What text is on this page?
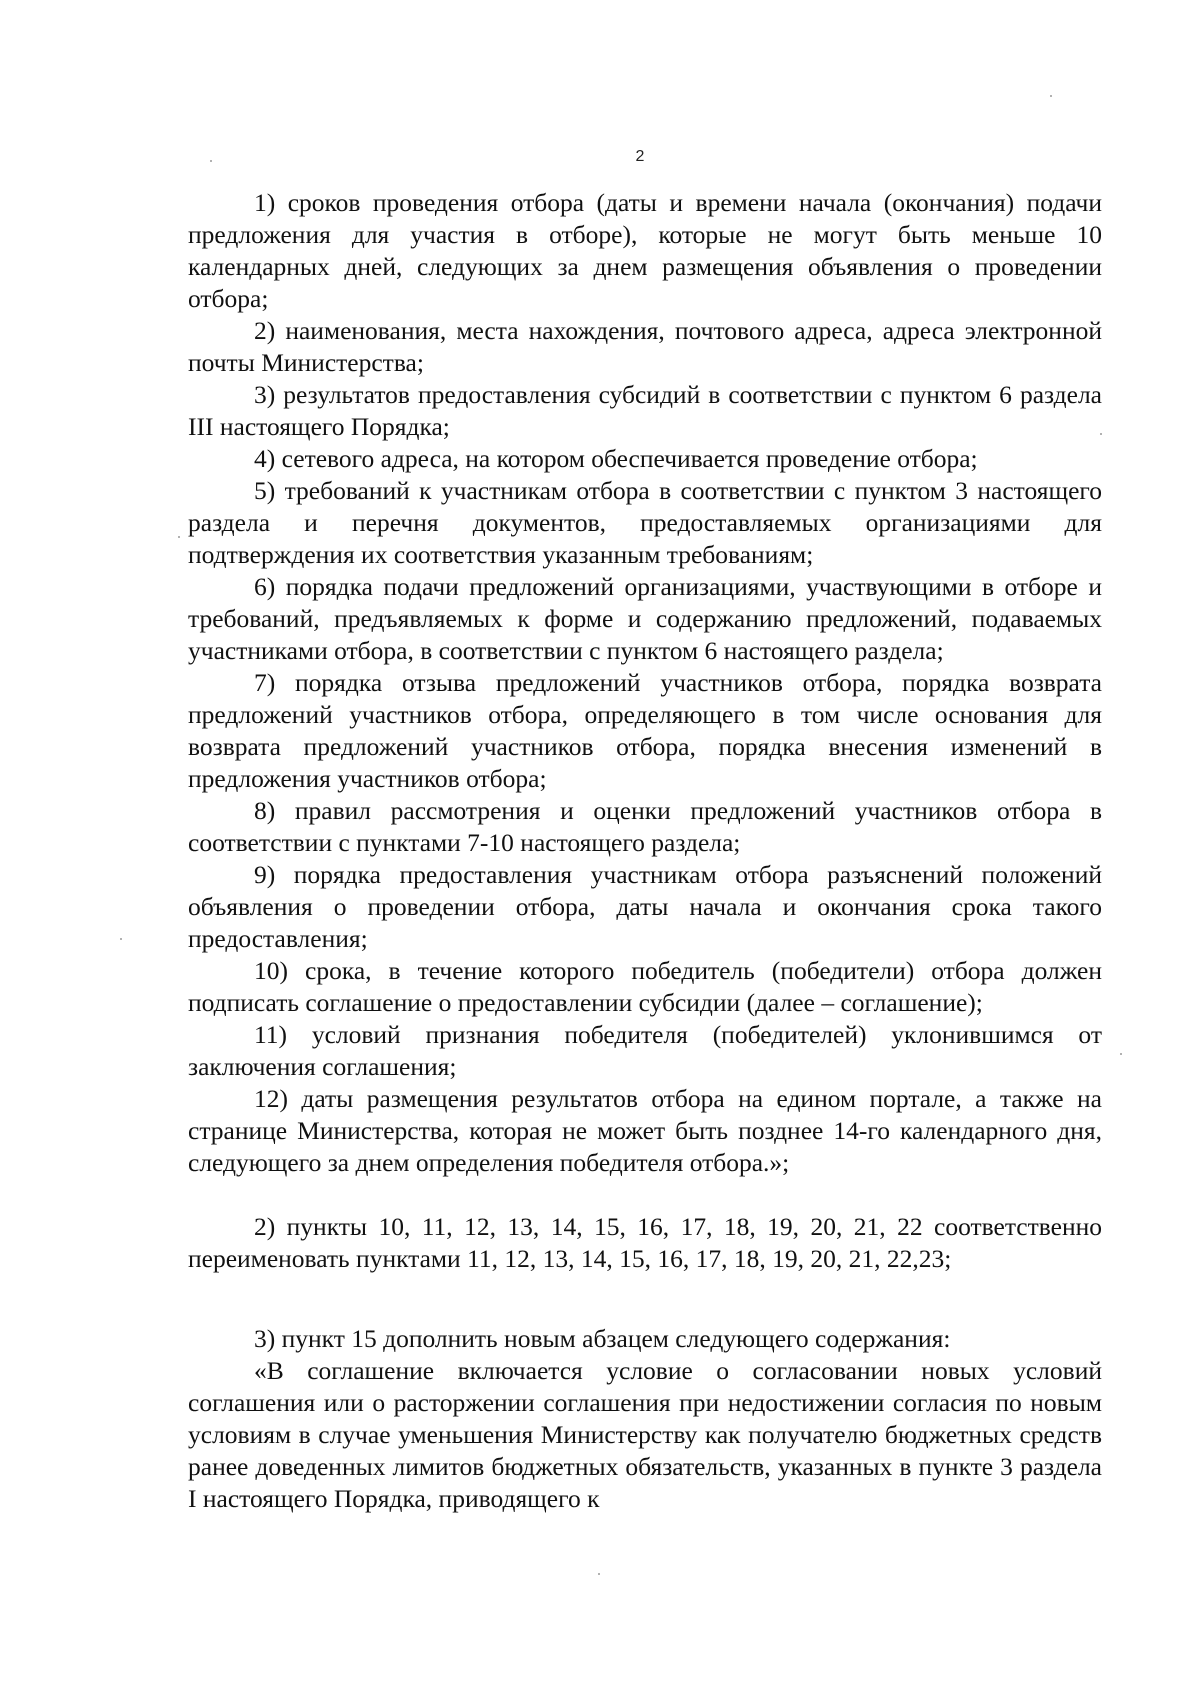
2

1) сроков проведения отбора (даты и времени начала (окончания) подачи предложения для участия в отборе), которые не могут быть меньше 10 календарных дней, следующих за днем размещения объявления о проведении отбора;

2) наименования, места нахождения, почтового адреса, адреса электронной почты Министерства;

3) результатов предоставления субсидий в соответствии с пунктом 6 раздела III настоящего Порядка;

4) сетевого адреса, на котором обеспечивается проведение отбора;

5) требований к участникам отбора в соответствии с пунктом 3 настоящего раздела и перечня документов, предоставляемых организациями для подтверждения их соответствия указанным требованиям;

6) порядка подачи предложений организациями, участвующими в отборе и требований, предъявляемых к форме и содержанию предложений, подаваемых участниками отбора, в соответствии с пунктом 6 настоящего раздела;

7) порядка отзыва предложений участников отбора, порядка возврата предложений участников отбора, определяющего в том числе основания для возврата предложений участников отбора, порядка внесения изменений в предложения участников отбора;

8) правил рассмотрения и оценки предложений участников отбора в соответствии с пунктами 7-10 настоящего раздела;

9) порядка предоставления участникам отбора разъяснений положений объявления о проведении отбора, даты начала и окончания срока такого предоставления;

10) срока, в течение которого победитель (победители) отбора должен подписать соглашение о предоставлении субсидии (далее – соглашение);

11) условий признания победителя (победителей) уклонившимся от заключения соглашения;

12) даты размещения результатов отбора на едином портале, а также на странице Министерства, которая не может быть позднее 14-го календарного дня, следующего за днем определения победителя отбора.»;

2) пункты 10, 11, 12, 13, 14, 15, 16, 17, 18, 19, 20, 21, 22 соответственно переименовать пунктами 11, 12, 13, 14, 15, 16, 17, 18, 19, 20, 21, 22,23;

3) пункт 15 дополнить новым абзацем следующего содержания:

«В соглашение включается условие о согласовании новых условий соглашения или о расторжении соглашения при недостижении согласия по новым условиям в случае уменьшения Министерству как получателю бюджетных средств ранее доведенных лимитов бюджетных обязательств, указанных в пункте 3 раздела I настоящего Порядка, приводящего к
